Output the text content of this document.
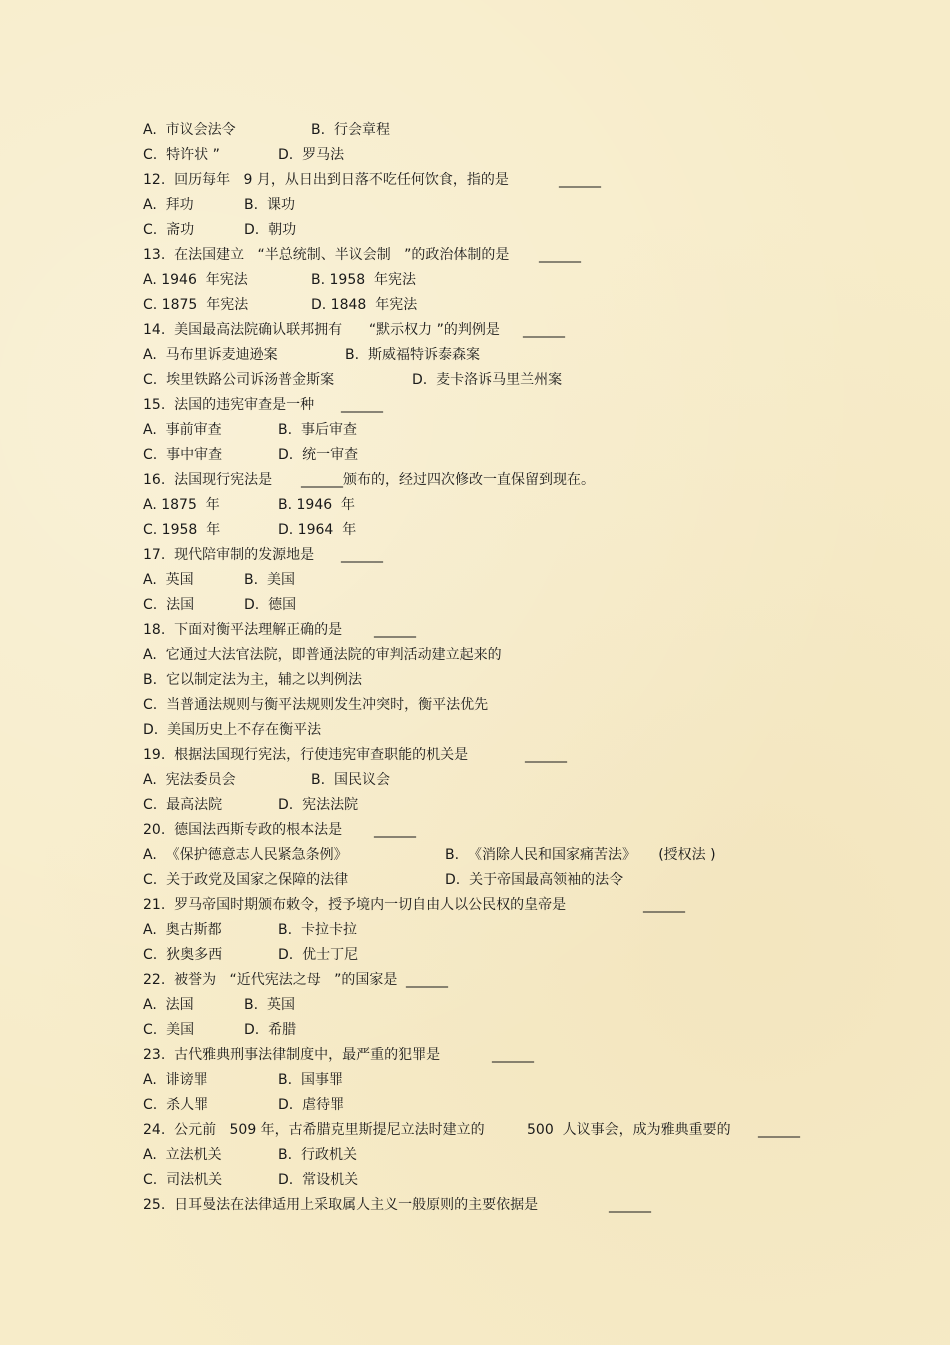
A.  市议会法令	B.  行会章程
C.  特许状 ”	D.  罗马法
12.  回历每年   9 月，从日出到日落不吃任何饮食，指的是	______
A.  拜功	B.  课功
C.  斋功	D.  朝功
13.  在法国建立   “半总统制、半议会制   ”的政治体制的是 ______
A. 1946  年宪法	B. 1958  年宪法
C. 1875  年宪法	D. 1848  年宪法
14.  美国最高法院确认联邦拥有      “默示权力 ”的判例是 ______
A.  马布里诉麦迪逊案	B.  斯威福特诉泰森案
C.  埃里铁路公司诉汤普金斯案	D.  麦卡洛诉马里兰州案
15.  法国的违宪审查是一种 ______
A.  事前审查	B.  事后审查
C.  事中审查	D.  统一审查
16.  法国现行宪法是 ______颁布的，经过四次修改一直保留到现在。
A. 1875  年	B. 1946  年
C. 1958  年	D. 1964  年
17.  现代陪审制的发源地是 ______
A.  英国	B.  美国
C.  法国	D.  德国
18.  下面对衡平法理解正确的是 ______
A.  它通过大法官法院，即普通法院的审判活动建立起来的
B.  它以制定法为主，辅之以判例法
C.  当普通法规则与衡平法规则发生冲突时，衡平法优先
D.  美国历史上不存在衡平法
19.  根据法国现行宪法，行使违宪审查职能的机关是	______
A.  宪法委员会	B.  国民议会
C.  最高法院	D.  宪法法院
20.  德国法西斯专政的根本法是 ______
A.  《保护德意志人民紧急条例》	B.  《消除人民和国家痛苦法》     (授权法 )
C.  关于政党及国家之保障的法律	D.  关于帝国最高领袖的法令
21.  罗马帝国时期颁布敕令，授予境内一切自由人以公民权的皇帝是	______
A.  奥古斯都	B.  卡拉卡拉
C.  狄奥多西	D.  优士丁尼
22.  被誉为   “近代宪法之母   ”的国家是 ______
A.  法国	B.  英国
C.  美国	D.  希腊
23.  古代雅典刑事法律制度中，最严重的犯罪是	______
A.  诽谤罪	B.  国事罪
C.  杀人罪	D.  虐待罪
24.  公元前   509 年，古希腊克里斯提尼立法时建立的	500  人议事会，成为雅典重要的 ______
A.  立法机关	B.  行政机关
C.  司法机关	D.  常设机关
25.  日耳曼法在法律适用上采取属人主义一般原则的主要依据是	______
